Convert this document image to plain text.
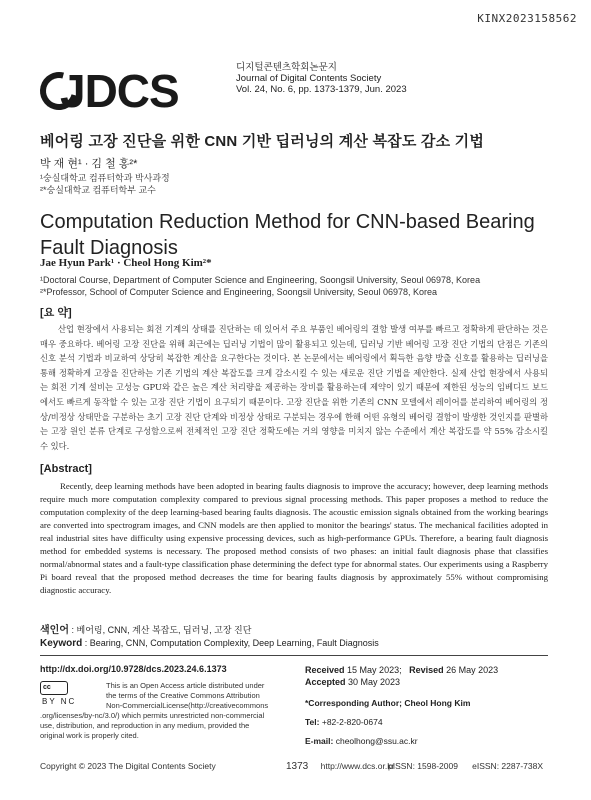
KINX2023158562
JDCS	디지털콘텐츠학회논문지
Journal of Digital Contents Society
Vol. 24, No. 6, pp. 1373-1379, Jun. 2023
베어링 고장 진단을 위한 CNN 기반 딥러닝의 계산 복잡도 감소 기법
박 재 현¹ · 김 철 홍²*
¹숭실대학교 컴퓨터학과 박사과정
²*숭실대학교 컴퓨터학부 교수
Computation Reduction Method for CNN-based Bearing Fault Diagnosis
Jae Hyun Park¹ · Cheol Hong Kim²*
¹Doctoral Course, Department of Computer Science and Engineering, Soongsil University, Seoul 06978, Korea
²*Professor, School of Computer Science and Engineering, Soongsil University, Seoul 06978, Korea
[요 약]
산업 현장에서 사용되는 회전 기계의 상태를 진단하는 데 있어서 주요 부품인 베어링의 결함 발생 여부를 빠르고 정확하게 판단하는 것은 매우 중요하다. 베어링 고장 진단을 위해 최근에는 딥러닝 기법이 많이 활용되고 있는데, 딥러닝 기반 베어링 고장 진단 기법의 단점은 기존의 신호 분석 기법과 비교하여 상당히 복잡한 계산을 요구한다는 것이다. 본 논문에서는 베어링에서 획득한 음향 방출 신호를 활용하는 딥러닝을 통해 정확하게 고장을 진단하는 기존 기법의 계산 복잡도를 크게 감소시킬 수 있는 새로운 진단 기법을 제안한다. 실제 산업 현장에서 사용되는 회전 기계 설비는 고성능 GPU와 같은 높은 계산 처리량을 제공하는 장비를 활용하는데 제약이 있기 때문에 제한된 성능의 임베디드 보드에서도 빠르게 동작할 수 있는 고장 진단 기법이 요구되기 때문이다. 고장 진단을 위한 기존의 CNN 모델에서 레이어를 분리하여 베어링의 정상/비정상 상태만을 구분하는 초기 고장 진단 단계와 비정상 상태로 구분되는 경우에 한해 어떤 유형의 베어링 결함이 발생한 것인지를 판별하는 고장 원인 분류 단계로 구성함으로써 전체적인 고장 진단 정확도에는 거의 영향을 미치지 않는 수준에서 계산 복잡도를 약 55% 감소시킬 수 있다.
[Abstract]
Recently, deep learning methods have been adopted in bearing faults diagnosis to improve the accuracy; however, deep learning methods require much more computation complexity compared to previous signal processing methods. This paper proposes a method to reduce the computation complexity of the deep learning-based bearing faults diagnosis. The acoustic emission signals obtained from the working bearings are converted into spectrogram images, and CNN models are then applied to monitor the bearings' status. The mechanical facilities adopted in real industrial sites have difficulty using expensive processing devices, such as high-performance GPUs. Therefore, a bearing fault diagnosis method for embedded systems is necessary. The proposed method consists of two phases: an initial fault diagnosis phase that classifies normal/abnormal states and a fault-type classification phase determining the defect type for abnormal states. Our experiments using a Raspberry Pi board reveal that the proposed method decreases the time for bearing faults diagnosis by approximately 55% without compromising diagnostic accuracy.
색인어 : 베어링, CNN, 계산 복잡도, 딥러닝, 고장 진단
Keyword : Bearing, CNN, Computation Complexity, Deep Learning, Fault Diagnosis
http://dx.doi.org/10.9728/dcs.2023.24.6.1373
cc
BY NC
This is an Open Access article distributed under
the terms of the Creative Commons Attribution
Non-CommercialLicense(http://creativecommons
.org/licenses/by-nc/3.0/) which permits unrestricted non-commercial
use, distribution, and reproduction in any medium, provided the
original work is properly cited.
Received 15 May 2023; Revised 26 May 2023
Accepted 30 May 2023
*Corresponding Author; Cheol Hong Kim
Tel: +82-2-820-0674
E-mail: cheolhong@ssu.ac.kr
Copyright © 2023 The Digital Contents Society	1373 http://www.dcs.or.kr
pISSN: 1598-2009 eISSN: 2287-738X
